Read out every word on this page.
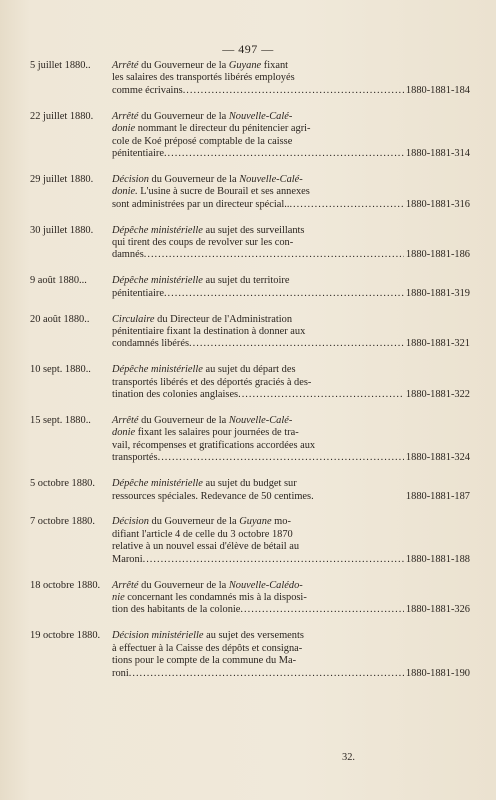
— 497 —
5 juillet 1880..	Arrêté du Gouverneur de la Guyane fixant
les salaires des transportés libérés employés
comme écrivains .....	1880-1881-184
22 juillet 1880.	Arrêté du Gouverneur de la Nouvelle-Calé-
donie nommant le directeur du pénitencier agri-
cole de Koé préposé comptable de la caisse
pénitentiaire .....	1880-1881-314
29 juillet 1880.	Décision du Gouverneur de la Nouvelle-Calé-
donie. L'usine à sucre de Bourail et ses annexes
sont administrées par un directeur spécial.. .....	1880-1881-316
30 juillet 1880.	Dépêche ministérielle au sujet des surveillants
qui tirent des coups de revolver sur les con-
damnés .....	1880-1881-186
9 août 1880...	Dépêche ministérielle au sujet du territoire
pénitentiaire .....	1880-1881-319
20 août 1880..	Circulaire du Directeur de l'Administration
pénitentiaire fixant la destination à donner aux
condamnés libérés .....	1880-1881-321
10 sept. 1880..	Dépêche ministérielle au sujet du départ des
transportés libérés et des déportés graciés à des-
tination des colonies anglaises .....	1880-1881-322
15 sept. 1880..	Arrêté du Gouverneur de la Nouvelle-Calé-
donie fixant les salaires pour journées de tra-
vail, récompenses et gratifications accordées aux
transportés .....	1880-1881-324
5 octobre 1880.	Dépêche ministérielle au sujet du budget sur
ressources spéciales. Redevance de 50 centimes.	1880-1881-187
7 octobre 1880.	Décision du Gouverneur de la Guyane mo-
difiant l'article 4 de celle du 3 octobre 1870
relative à un nouvel essai d'élève de bétail au
Maroni .....	1880-1881-188
18 octobre 1880.	Arrêté du Gouverneur de la Nouvelle-Calédo-
nie concernant les condamnés mis à la disposi-
tion des habitants de la colonie .....	1880-1881-326
19 octobre 1880.	Décision ministérielle au sujet des versements
à effectuer à la Caisse des dépôts et consigna-
tions pour le compte de la commune du Ma-
roni .....	1880-1881-190
32.
